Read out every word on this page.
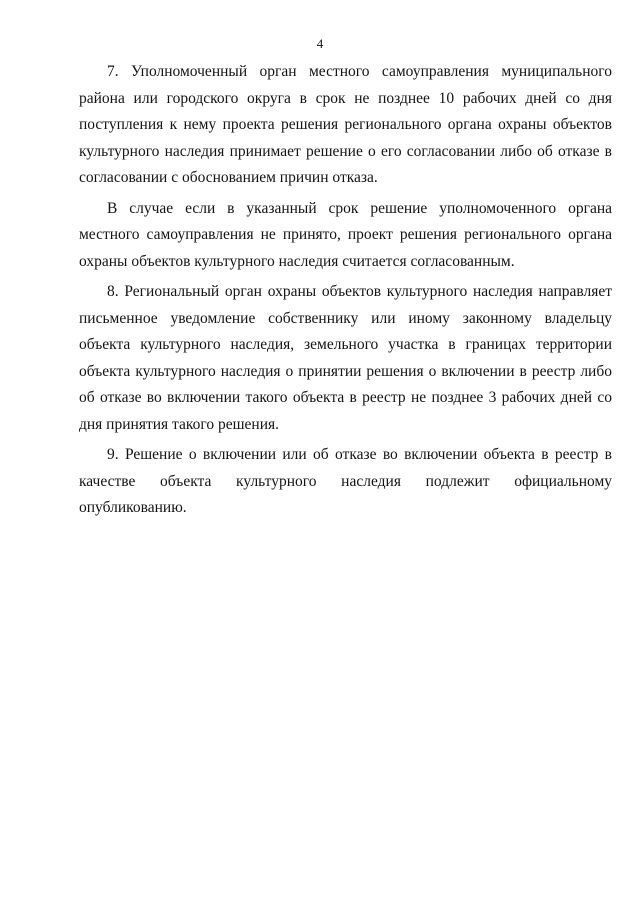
4

7. Уполномоченный орган местного самоуправления муниципального района или городского округа в срок не позднее 10 рабочих дней со дня поступления к нему проекта решения регионального органа охраны объектов культурного наследия принимает решение о его согласовании либо об отказе в согласовании с обоснованием причин отказа.

В случае если в указанный срок решение уполномоченного органа местного самоуправления не принято, проект решения регионального органа охраны объектов культурного наследия считается согласованным.

8. Региональный орган охраны объектов культурного наследия направляет письменное уведомление собственнику или иному законному владельцу объекта культурного наследия, земельного участка в границах территории объекта культурного наследия о принятии решения о включении в реестр либо об отказе во включении такого объекта в реестр не позднее 3 рабочих дней со дня принятия такого решения.

9. Решение о включении или об отказе во включении объекта в реестр в качестве объекта культурного наследия подлежит официальному опубликованию.
